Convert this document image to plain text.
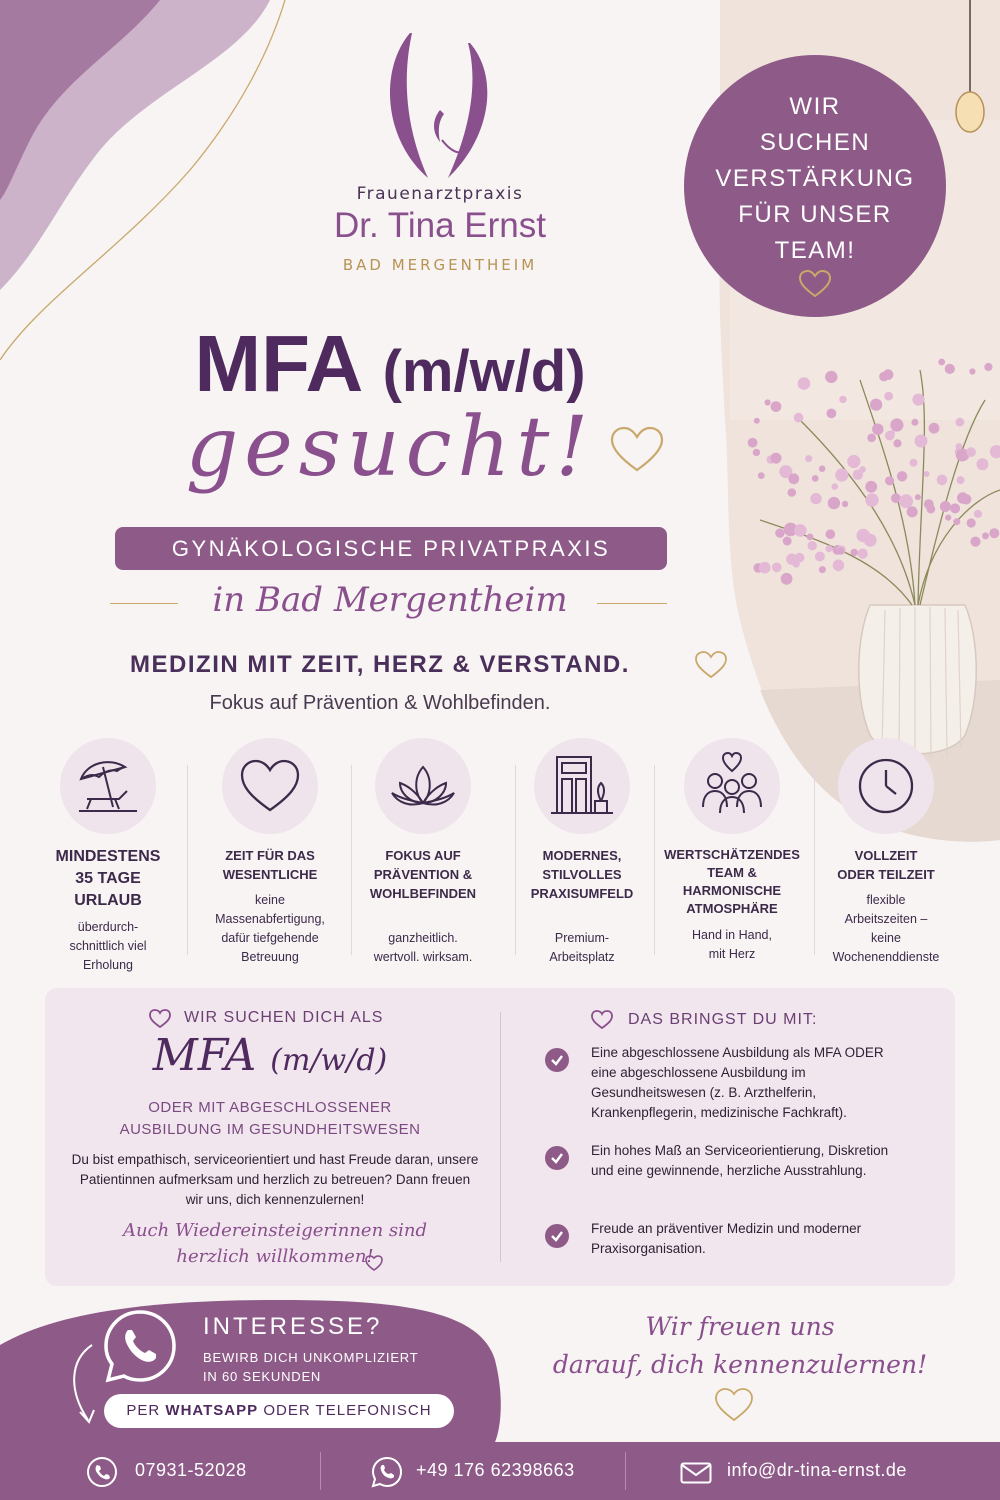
Frauenarztpraxis
Dr. Tina Ernst
BAD MERGENTHEIM
WIR
SUCHEN
VERSTÄRKUNG
FÜR UNSER
TEAM!
MFA (m/w/d)
gesucht!
GYNÄKOLOGISCHE PRIVATPRAXIS
in Bad Mergentheim
MEDIZIN MIT ZEIT, HERZ & VERSTAND.
Fokus auf Prävention & Wohlbefinden.
MINDESTENS
35 TAGE
URLAUB
überdurch-
schnittlich viel
Erholung
ZEIT FÜR DAS
WESENTLICHE
keine
Massenabfertigung,
dafür tiefgehende
Betreuung
FOKUS AUF
PRÄVENTION &
WOHLBEFINDEN
ganzheitlich.
wertvoll. wirksam.
MODERNES,
STILVOLLES
PRAXISUMFELD
Premium-
Arbeitsplatz
WERTSCHÄTZENDES
TEAM &
HARMONISCHE
ATMOSPHÄRE
Hand in Hand,
mit Herz
VOLLZEIT
ODER TEILZEIT
flexible
Arbeitszeiten –
keine
Wochenenddienste
WIR SUCHEN DICH ALS
MFA (m/w/d)
ODER MIT ABGESCHLOSSENER
AUSBILDUNG IM GESUNDHEITSWESEN
Du bist empathisch, serviceorientiert und hast Freude daran, unsere Patientinnen aufmerksam und herzlich zu betreuen? Dann freuen wir uns, dich kennenzulernen!
Auch Wiedereinsteigerinnen sind
herzlich willkommen!
DAS BRINGST DU MIT:
Eine abgeschlossene Ausbildung als MFA ODER eine abgeschlossene Ausbildung im Gesundheitswesen (z. B. Arzthelferin, Krankenpflegerin, medizinische Fachkraft).
Ein hohes Maß an Serviceorientierung, Diskretion und eine gewinnende, herzliche Ausstrahlung.
Freude an präventiver Medizin und moderner Praxisorganisation.
INTERESSE?
BEWIRB DICH UNKOMPLIZIERT
IN 60 SEKUNDEN
PER WHATSAPP ODER TELEFONISCH
Wir freuen uns
darauf, dich kennenzulernen!
07931-52028	+49 176 62398663	info@dr-tina-ernst.de
